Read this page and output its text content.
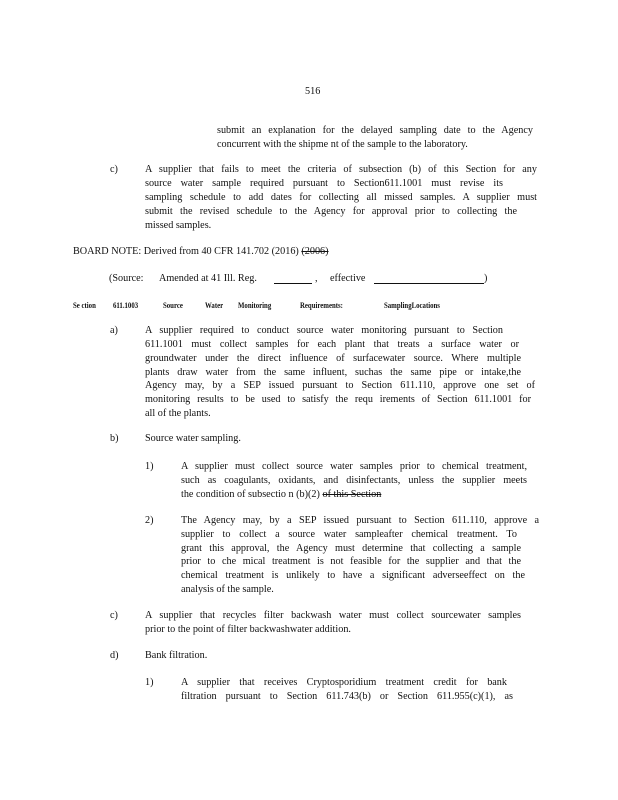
516
submit an explanation for the delayed sampling date to the Agency
concurrent with the shipme nt of the sample to the laboratory.
c)	A supplier that fails to meet the criteria of subsection (b) of this Section for any
source water sample required pursuant to Section611.1001 must revise its
sampling schedule to add dates for collecting all missed samples. A supplier must
submit the revised schedule to the Agency for approval prior to collecting the
missed samples.
BOARD NOTE: Derived from 40 CFR 141.702 (2016) (2006)
(Source: Amended at 41 Ill. Reg.	, effective	)
Se ction 611.1003	Source	Water Monitoring	Requirements:	SamplingLocations
a)	A supplier required to conduct source water monitoring pursuant to Section
611.1001 must collect samples for each plant that treats a surface water or
groundwater under the direct influence of surfacewater source. Where multiple
plants draw water from the same influent, suchas the same pipe or intake,the
Agency may, by a SEP issued pursuant to Section 611.110, approve one set of
monitoring results to be used to satisfy the requ irements of Section 611.1001 for
all of the plants.
b)	Source water sampling.
1)	A supplier must collect source water samples prior to chemical treatment,
such as coagulants, oxidants, and disinfectants, unless the supplier meets
the condition of subsectio n (b)(2) of this Section
2)	The Agency may, by a SEP issued pursuant to Section 611.110, approve a
supplier to collect a source water sampleafter chemical treatment. To
grant this approval, the Agency must determine that collecting a sample
prior to che mical treatment is not feasible for the supplier and that the
chemical treatment is unlikely to have a significant adverseeffect on the
analysis of the sample.
c)	A supplier that recycles filter backwash water must collect sourcewater samples
prior to the point of filter backwashwater addition.
d)	Bank filtration.
1)	A supplier that receives Cryptosporidium treatment credit for bank
filtration pursuant to Section 611.743(b) or Section 611.955(c)(1), as
